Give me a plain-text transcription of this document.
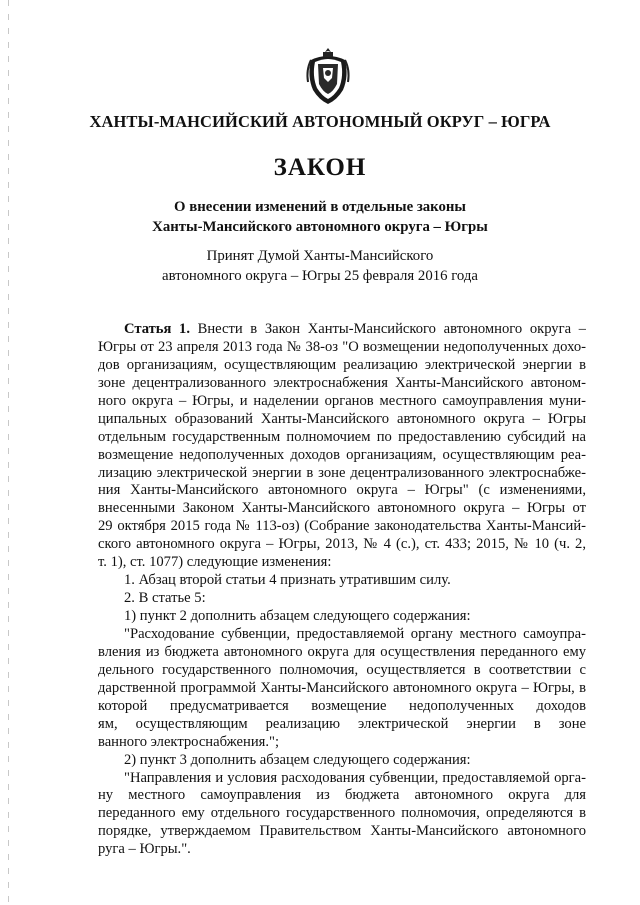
ХАНТЫ-МАНСИЙСКИЙ АВТОНОМНЫЙ ОКРУГ – ЮГРА
ЗАКОН
О внесении изменений в отдельные законы
Ханты-Мансийского автономного округа – Югры
Принят Думой Ханты-Мансийского
автономного округа – Югры 25 февраля 2016 года
Статья 1. Внести в Закон Ханты-Мансийского автономного округа –
Югры от 23 апреля 2013 года № 38-оз "О возмещении недополученных дохо-
дов организациям, осуществляющим реализацию электрической энергии в
зоне децентрализованного электроснабжения Ханты-Мансийского автоном-
ного округа – Югры, и наделении органов местного самоуправления муни-
ципальных образований Ханты-Мансийского автономного округа – Югры
отдельным государственным полномочием по предоставлению субсидий на
возмещение недополученных доходов организациям, осуществляющим реа-
лизацию электрической энергии в зоне децентрализованного электроснабже-
ния Ханты-Мансийского автономного округа – Югры" (с изменениями,
внесенными Законом Ханты-Мансийского автономного округа – Югры от
29 октября 2015 года № 113-оз) (Собрание законодательства Ханты-Мансий-
ского автономного округа – Югры, 2013, № 4 (с.), ст. 433; 2015, № 10 (ч. 2,
т. 1), ст. 1077) следующие изменения:
1. Абзац второй статьи 4 признать утратившим силу.
2. В статье 5:
1) пункт 2 дополнить абзацем следующего содержания:
"Расходование субвенции, предоставляемой органу местного самоупра-
вления из бюджета автономного округа для осуществления переданного ему
дельного государственного полномочия, осуществляется в соответствии с
дарственной программой Ханты-Мансийского автономного округа – Югры, в
которой предусматривается возмещение недополученных доходов
ям, осуществляющим реализацию электрической энергии в зоне
ванного электроснабжения.";
2) пункт 3 дополнить абзацем следующего содержания:
"Направления и условия расходования субвенции, предоставляемой орга-
ну местного самоуправления из бюджета автономного округа для
переданного ему отдельного государственного полномочия, определяются в
порядке, утверждаемом Правительством Ханты-Мансийского автономного
руга – Югры.".
